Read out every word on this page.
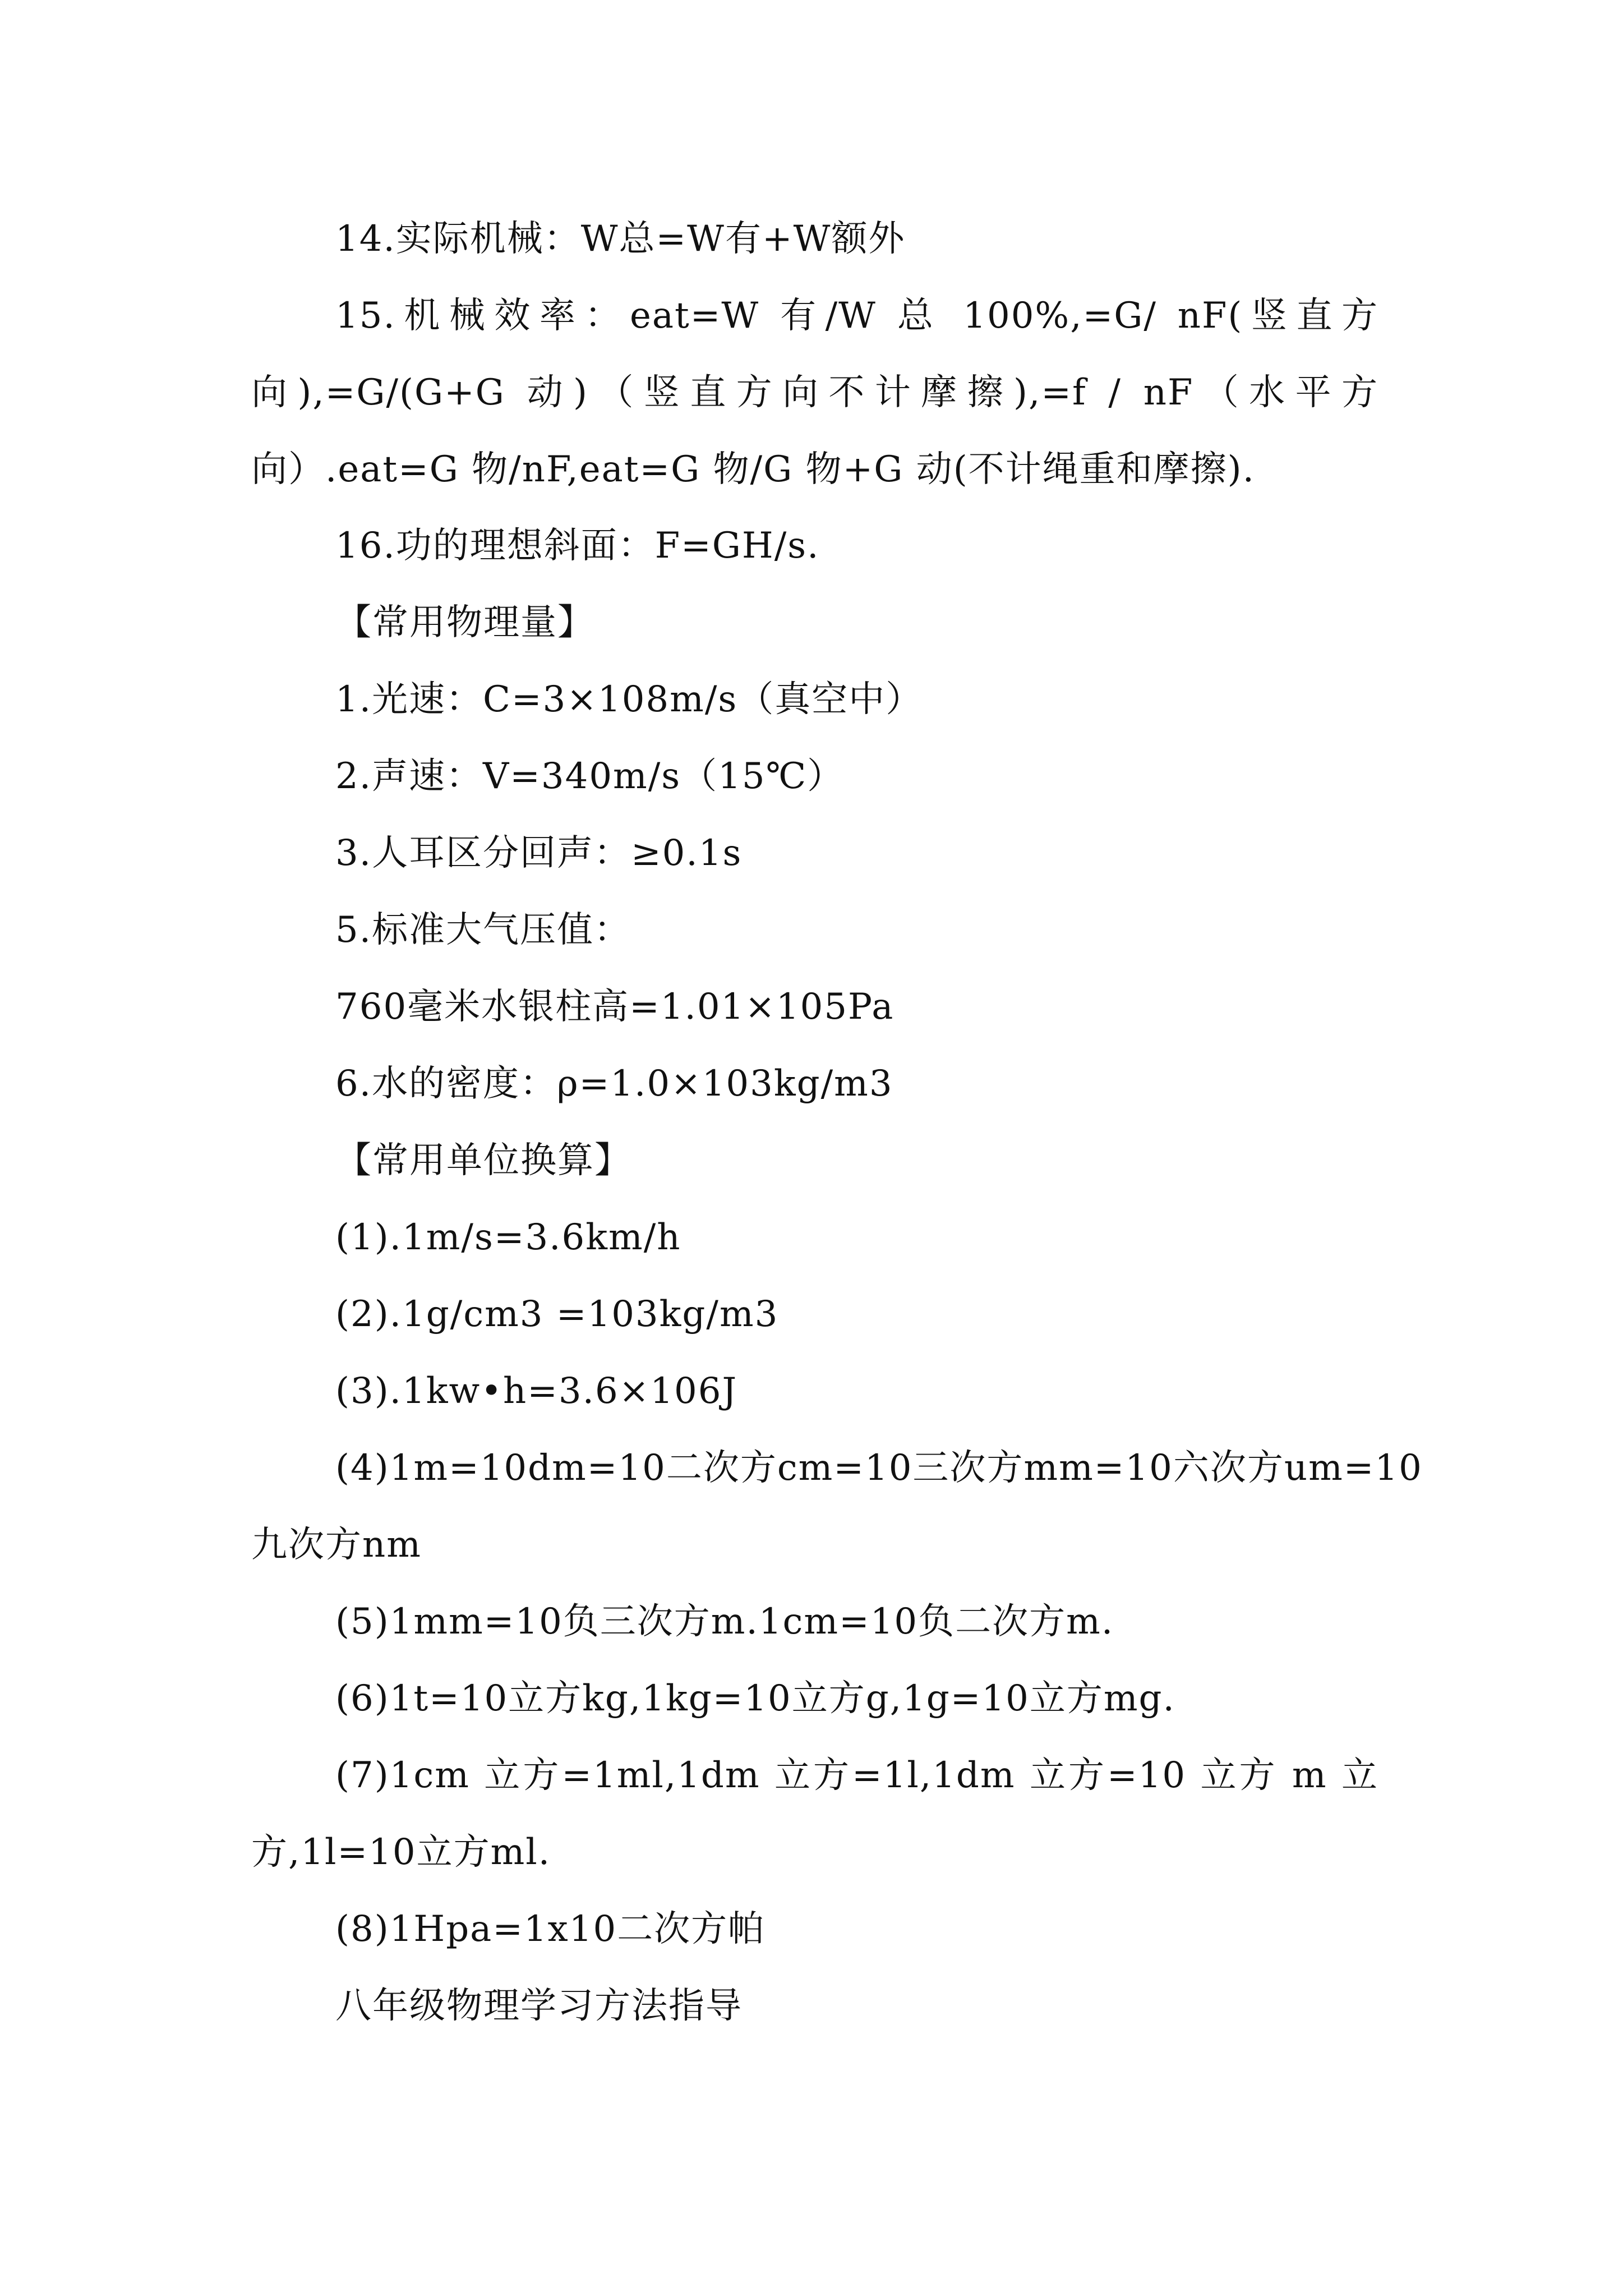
14.实际机械：W总=W有+W额外
15.机械效率：eat=W 有/W 总 100%,=G/ nF(竖直方
向),=G/(G+G 动)（竖直方向不计摩擦),=f / nF（水平方
向）.eat=G 物/nF,eat=G 物/G 物+G 动(不计绳重和摩擦).
16.功的理想斜面：F=GH/s.
【常用物理量】
1.光速：C=3×108m/s（真空中）
2.声速：V=340m/s（15℃）
3.人耳区分回声：≥0.1s
5.标准大气压值：
760毫米水银柱高=1.01×105Pa
6.水的密度：ρ=1.0×103kg/m3
【常用单位换算】
(1).1m/s=3.6km/h
(2).1g/cm3 =103kg/m3
(3).1kw•h=3.6×106J
(4)1m=10dm=10二次方cm=10三次方mm=10六次方um=10
九次方nm
(5)1mm=10负三次方m.1cm=10负二次方m.
(6)1t=10立方kg,1kg=10立方g,1g=10立方mg.
(7)1cm 立方=1ml,1dm 立方=1l,1dm 立方=10 立方 m 立
方,1l=10立方ml.
(8)1Hpa=1x10二次方帕
八年级物理学习方法指导
